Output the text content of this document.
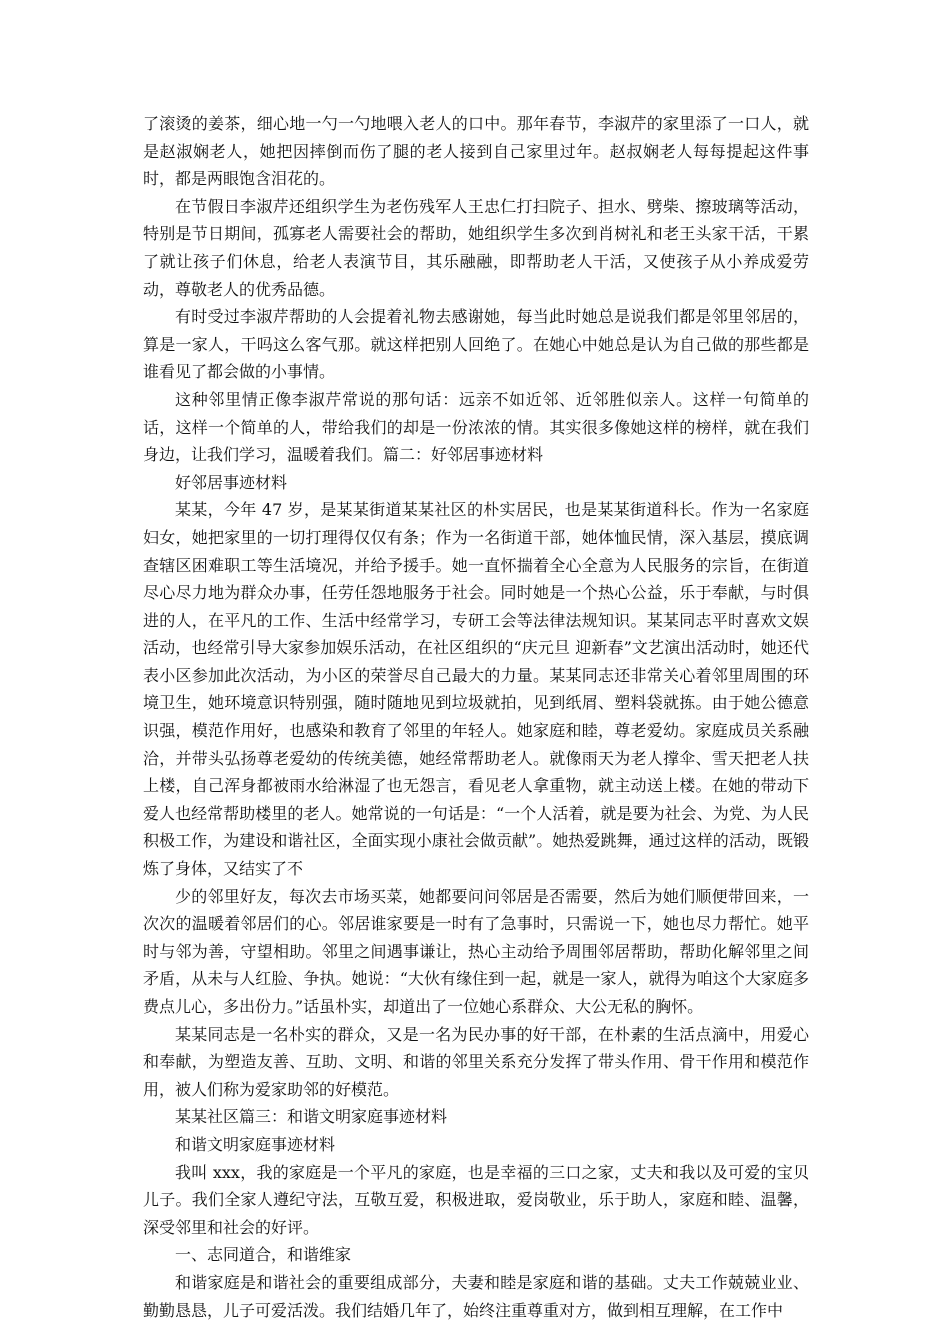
了滚烫的姜茶，细心地一勺一勺地喂入老人的口中。那年春节，李淑芹的家里添了一口人，就是赵淑娴老人，她把因摔倒而伤了腿的老人接到自己家里过年。赵叔娴老人每每提起这件事时，都是两眼饱含泪花的。

在节假日李淑芹还组织学生为老伤残军人王忠仁打扫院子、担水、劈柴、擦玻璃等活动，特别是节日期间，孤寡老人需要社会的帮助，她组织学生多次到肖树礼和老王头家干活，干累了就让孩子们休息，给老人表演节目，其乐融融，即帮助老人干活，又使孩子从小养成爱劳动，尊敬老人的优秀品德。

有时受过李淑芹帮助的人会提着礼物去感谢她，每当此时她总是说我们都是邻里邻居的，算是一家人，干吗这么客气那。就这样把别人回绝了。在她心中她总是认为自己做的那些都是谁看见了都会做的小事情。

这种邻里情正像李淑芹常说的那句话：远亲不如近邻、近邻胜似亲人。这样一句简单的话，这样一个简单的人，带给我们的却是一份浓浓的情。其实很多像她这样的榜样，就在我们身边，让我们学习，温暖着我们。篇二：好邻居事迹材料

好邻居事迹材料

某某，今年 47 岁，是某某街道某某社区的朴实居民，也是某某街道科长。作为一名家庭妇女，她把家里的一切打理得仅仅有条；作为一名街道干部，她体恤民情，深入基层，摸底调查辖区困难职工等生活境况，并给予援手。她一直怀揣着全心全意为人民服务的宗旨，在街道尽心尽力地为群众办事，任劳任怨地服务于社会。同时她是一个热心公益，乐于奉献，与时俱进的人，在平凡的工作、生活中经常学习，专研工会等法律法规知识。某某同志平时喜欢文娱活动，也经常引导大家参加娱乐活动，在社区组织的“庆元旦 迎新春”文艺演出活动时，她还代表小区参加此次活动，为小区的荣誉尽自己最大的力量。某某同志还非常关心着邻里周围的环境卫生，她环境意识特别强，随时随地见到垃圾就拍，见到纸屑、塑料袋就拣。由于她公德意识强，模范作用好，也感染和教育了邻里的年轻人。她家庭和睦，尊老爱幼。家庭成员关系融洽，并带头弘扬尊老爱幼的传统美德，她经常帮助老人。就像雨天为老人撑伞、雪天把老人扶上楼，自己浑身都被雨水给淋湿了也无怨言，看见老人拿重物，就主动送上楼。在她的带动下爱人也经常帮助楼里的老人。她常说的一句话是：“一个人活着，就是要为社会、为党、为人民积极工作，为建设和谐社区，全面实现小康社会做贡献”。她热爱跳舞，通过这样的活动，既锻炼了身体，又结实了不

少的邻里好友，每次去市场买菜，她都要问问邻居是否需要，然后为她们顺便带回来，一次次的温暖着邻居们的心。邻居谁家要是一时有了急事时，只需说一下，她也尽力帮忙。她平时与邻为善，守望相助。邻里之间遇事谦让，热心主动给予周围邻居帮助，帮助化解邻里之间矛盾，从未与人红脸、争执。她说：“大伙有缘住到一起，就是一家人，就得为咱这个大家庭多费点儿心，多出份力。”话虽朴实，却道出了一位她心系群众、大公无私的胸怀。

某某同志是一名朴实的群众，又是一名为民办事的好干部，在朴素的生活点滴中，用爱心和奉献，为塑造友善、互助、文明、和谐的邻里关系充分发挥了带头作用、骨干作用和模范作用，被人们称为爱家助邻的好模范。

某某社区篇三：和谐文明家庭事迹材料

和谐文明家庭事迹材料

我叫 xxx，我的家庭是一个平凡的家庭，也是幸福的三口之家，丈夫和我以及可爱的宝贝儿子。我们全家人遵纪守法，互敬互爱，积极进取，爱岗敬业，乐于助人，家庭和睦、温馨，深受邻里和社会的好评。

一、志同道合，和谐维家

和谐家庭是和谐社会的重要组成部分，夫妻和睦是家庭和谐的基础。丈夫工作兢兢业业、勤勤恳恳，儿子可爱活泼。我们结婚几年了，始终注重尊重对方，做到相互理解，在工作中
